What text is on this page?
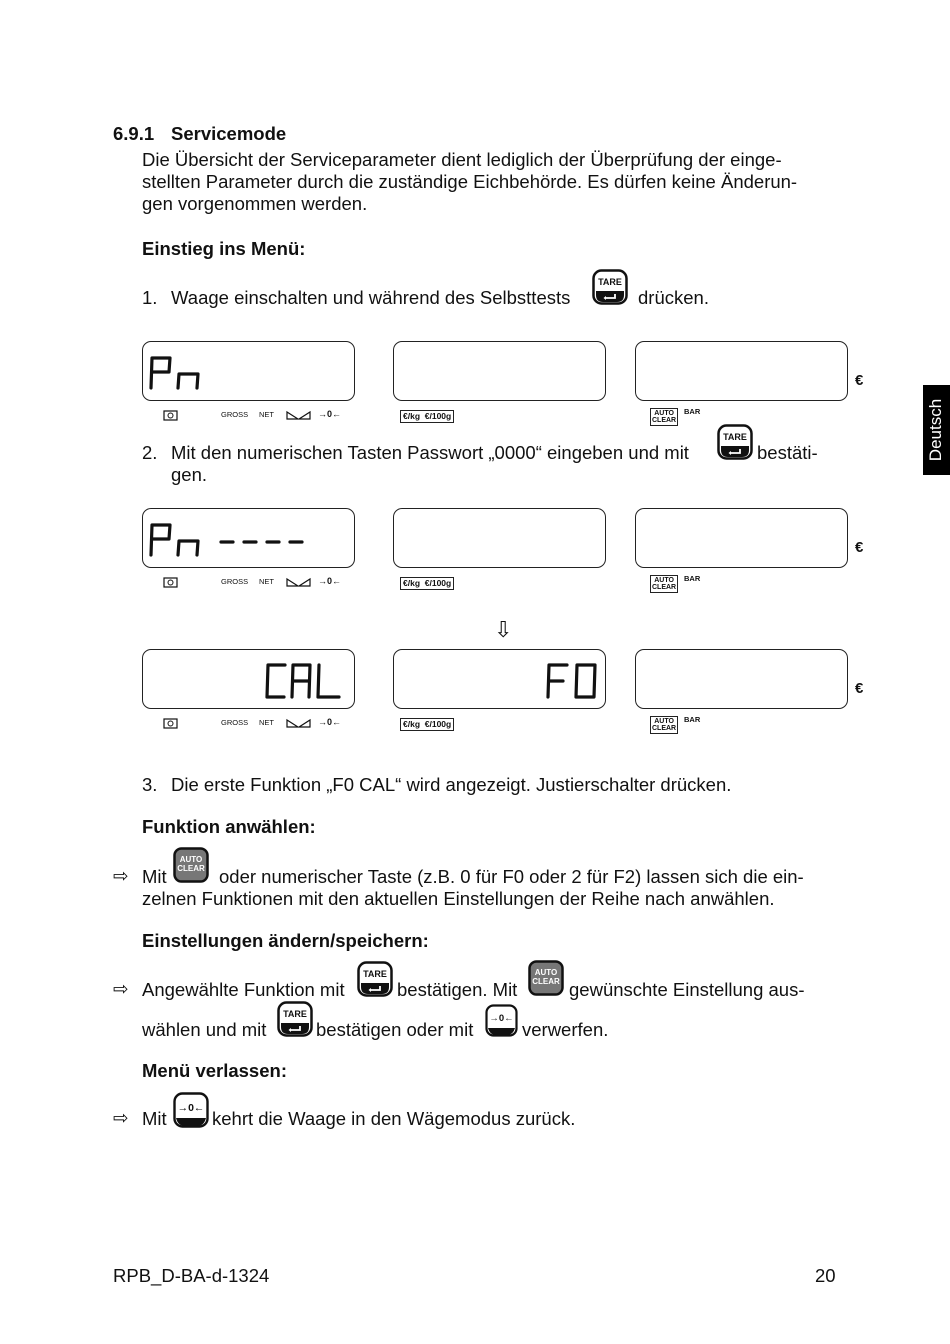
Deutsch
6.9.1 Servicemode
Die Übersicht der Serviceparameter dient lediglich der Überprüfung der einge-
stellten Parameter durch die zuständige Eichbehörde. Es dürfen keine Änderun-
gen vorgenommen werden.
Einstieg ins Menü:
1. Waage einschalten und während des Selbsttests
TARE
drücken.
€
GROSS NET	→0←	€/kg €/100g	AUTO
CLEAR
BAR
2. Mit den numerischen Tasten Passwort „0000“ eingeben und mit
TARE
bestäti-
gen.
€
GROSS NET	→0←	€/kg €/100g	AUTO
CLEAR
BAR
⇩
€
GROSS NET	→0←	€/kg €/100g	AUTO
CLEAR
BAR
3. Die erste Funktion „F0 CAL“ wird angezeigt. Justierschalter drücken.
Funktion anwählen:
⇨ Mit
AUTO
CLEAR oder numerischer Taste (z.B. 0 für F0 oder 2 für F2) lassen sich die ein-
zelnen Funktionen mit den aktuellen Einstellungen der Reihe nach anwählen.
Einstellungen ändern/speichern:
⇨ Angewählte Funktion mit
TARE
bestätigen. Mit
AUTO
CLEAR gewünschte Einstellung aus-
wählen und mit
TARE
bestätigen oder mit
→0←
verwerfen.
Menü verlassen:
⇨ Mit →0← kehrt die Waage in den Wägemodus zurück.
RPB_D-BA-d-1324	20
